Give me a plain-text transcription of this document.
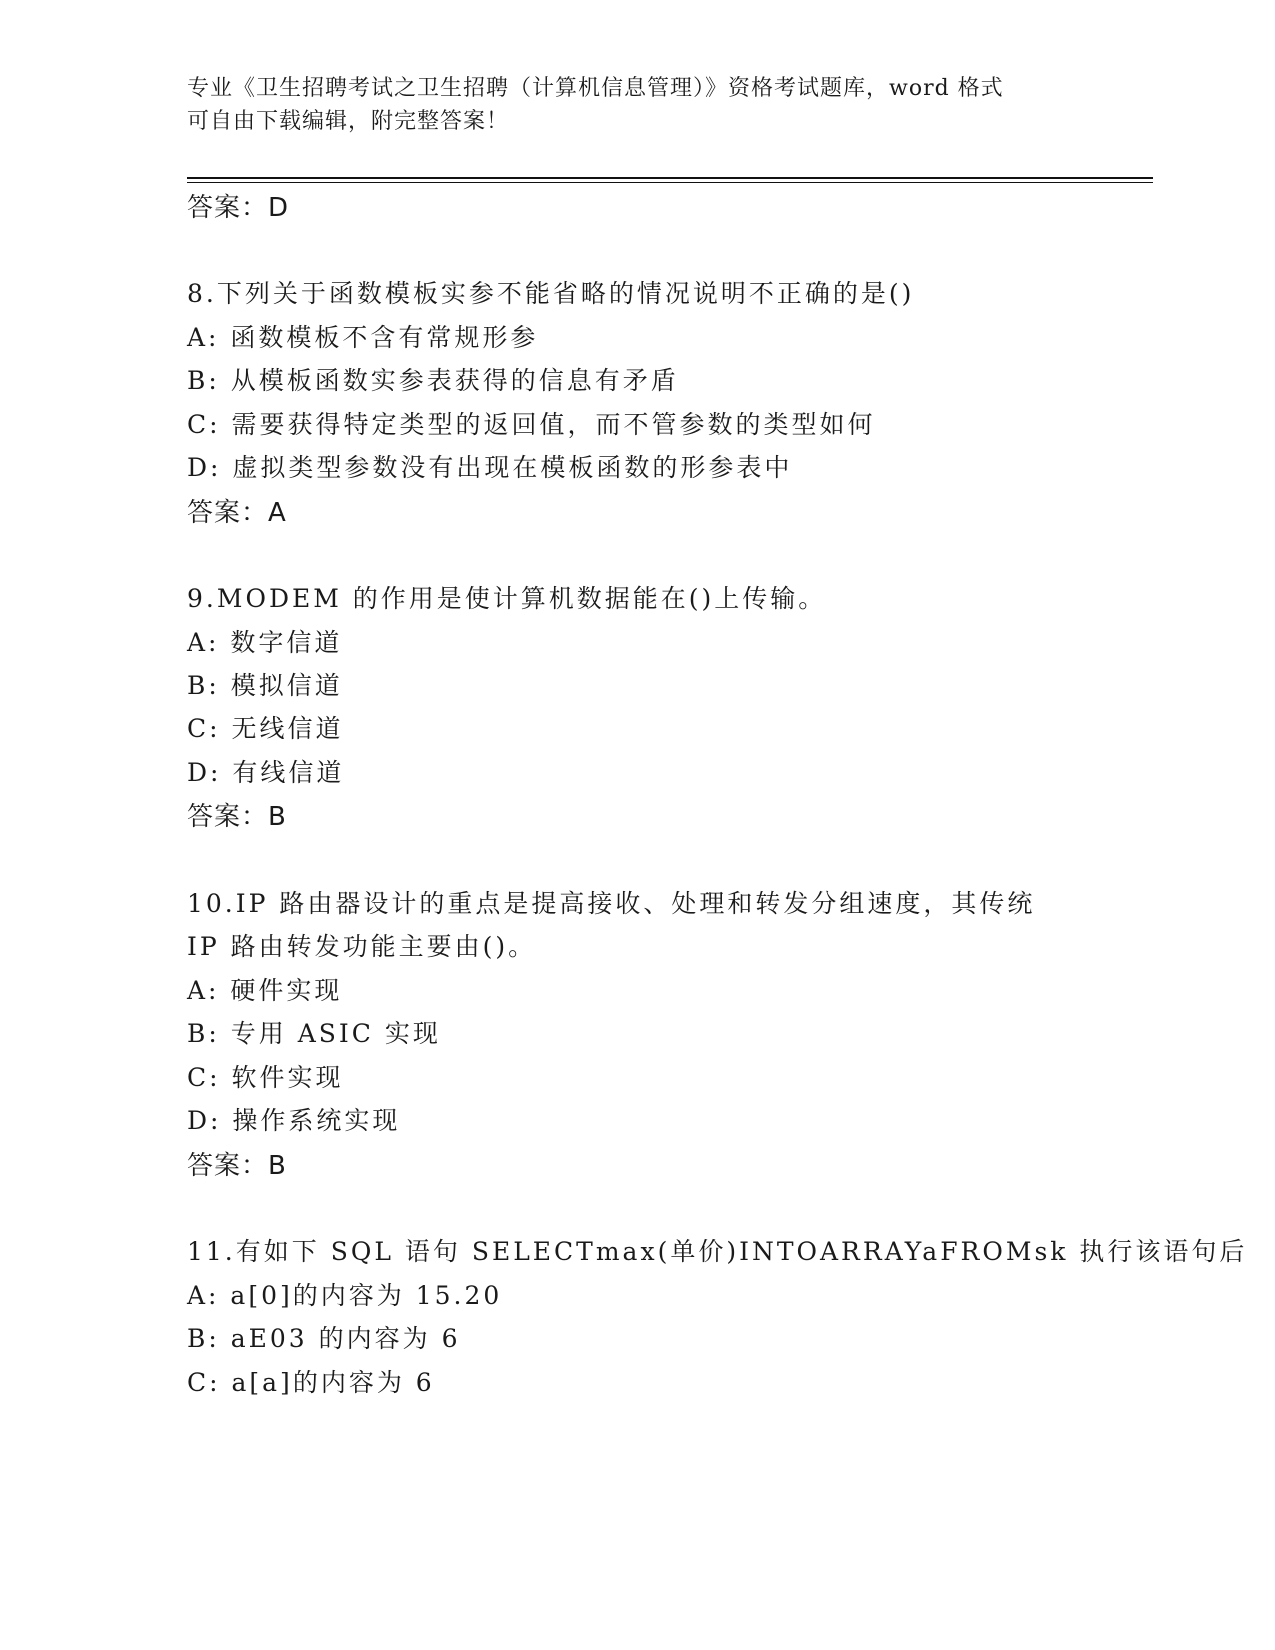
专业《卫生招聘考试之卫生招聘（计算机信息管理）》资格考试题库，word 格式
可自由下载编辑，附完整答案！
答案：D
8.下列关于函数模板实参不能省略的情况说明不正确的是()
A: 函数模板不含有常规形参
B: 从模板函数实参表获得的信息有矛盾
C: 需要获得特定类型的返回值，而不管参数的类型如何
D: 虚拟类型参数没有出现在模板函数的形参表中
答案：A
9.MODEM 的作用是使计算机数据能在()上传输。
A: 数字信道
B: 模拟信道
C: 无线信道
D: 有线信道
答案：B
10.IP 路由器设计的重点是提高接收、处理和转发分组速度，其传统
IP 路由转发功能主要由()。
A: 硬件实现
B: 专用 ASIC 实现
C: 软件实现
D: 操作系统实现
答案：B
11.有如下 SQL 语句 SELECTmax(单价)INTOARRAYaFROMsk 执行该语句后
A: a[0]的内容为 15.20
B: aE03 的内容为 6
C: a[a]的内容为 6
